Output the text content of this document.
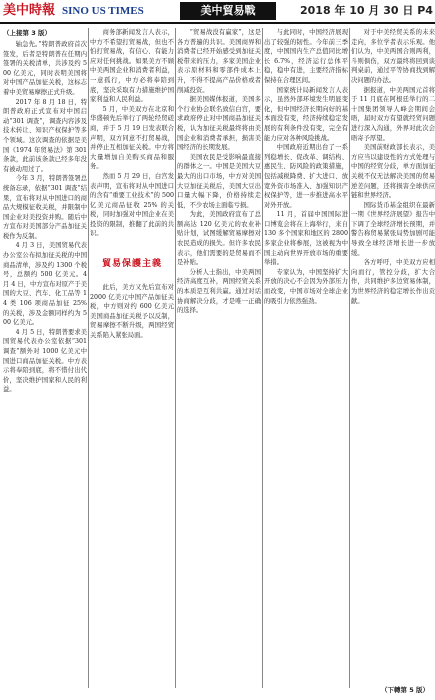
美中時報 SINO US TIMES	美中貿易戰	2018 年 10 月 30 日 P4
（上接第 3 版）

轴急先。”特朗普政府首次签发，后者是特朗普在任期内签署的关税清单，共涉及约 500 亿美元，同时表明美国将对中国产品加征关税，这标志着中美贸易摩擦正式升级。

2017 年 8 月 18 日，特朗普政府正式宣布对中国启动“301 调查”，调查内容涉及技术转让、知识产权保护等多个领域。这次调查的依据是美国《1974 年贸易法》第 301 条款，此前该条款已经多年没有被动用过了。

今年 3 月，特朗普签署总统备忘录，依据“301 调查”结果，宣布将对从中国进口的商品大规模征收关税，并限制中国企业对美投资并购。随后中方宣布对美国部分产品加征关税作为反制。

4 月 3 日，美国贸易代表办公室公布拟加征关税的中国商品清单，涉及约 1300 个税号，总额约 500 亿美元。4 月 4 日，中方宣布对原产于美国的大豆、汽车、化工品等 14 类 106 项商品加征 25% 的关税，涉及金额同样约为 500 亿美元。

4 月 5 日，特朗普要求美国贸易代表办公室依据“301 调查”额外对 1000 亿美元中国进口商品加征关税。中方表示将奉陪到底，将不惜付出代价，坚决维护国家和人民的利益。

商务部新闻发言人表示，中方不希望打贸易战，但也不怕打贸易战，有信心、有能力应对任何挑战。如果美方不顾中美两国企业和消费者利益，一意孤行，中方必将奉陪到底，坚决采取有力措施维护国家利益和人民利益。

5 月，中美双方在北京和华盛顿先后举行了两轮经贸磋商，并于 5 月 19 日发表联合声明，双方同意不打贸易战，并停止互相加征关税。中方将大量增加自美购买商品和服务。

然而 5 月 29 日，白宫发表声明，宣布将对从中国进口的含有“重要工业技术”的 500 亿美元商品征收 25% 的关税，同时加强对中国企业在美投资的限制，推翻了此前的共识。

貿易保護主義

此后，美方又先后宣布对 2000 亿美元中国产品加征关税，中方则对约 600 亿美元美国商品加征关税予以反制，贸易摩擦不断升级，两国经贸关系陷入紧张局面。

“贸易战没有赢家”，这是各方普遍的共识。美国商界和消费者已经开始感受到加征关税带来的压力，多家美国企业表示原材料和零部件成本上升，不得不提高产品价格或者削减投资。

据美国媒体报道，美国多个行业协会联名致信白宫，要求政府停止对中国商品加征关税，认为加征关税最终将由美国企业和消费者承担，损害美国经济的长期发展。

美国农民是受影响最直接的群体之一。中国是美国大豆最大的出口市场，中方对美国大豆加征关税后，美国大豆出口量大幅下降，价格持续走低，不少农场主面临亏损。

为此，美国政府宣布了总额高达 120 亿美元的农业补贴计划，试图缓解贸易摩擦对农民造成的损失。但许多农民表示，他们需要的是贸易而不是补贴。

分析人士指出，中美两国经济高度互补，两国经贸关系的本质是互利共赢。通过对话协商解决分歧，才是唯一正确的选择。

与此同时，中国经济展现出了较强的韧性。今年前三季度，中国国内生产总值同比增长 6.7%，经济运行总体平稳，稳中有进，主要经济指标保持在合理区间。

国家统计局新闻发言人表示，虽然外部环境发生明显变化，但中国经济长期向好的基本面没有变，经济持续稳定发展的有利条件没有变，完全有能力应对各种风险挑战。

中国政府近期出台了一系列稳增长、促改革、调结构、惠民生、防风险的政策措施，包括减税降费、扩大进口、放宽外资市场准入、加强知识产权保护等，进一步推进高水平对外开放。

11 月，首届中国国际进口博览会将在上海举行，来自 130 多个国家和地区的 2800 多家企业将参展，这被视为中国主动向世界开放市场的重要举措。

专家认为，中国坚持扩大开放的决心不会因为外部压力而改变，中国市场对全球企业的吸引力依然强劲。

对于中美经贸关系的未来走向，多位学者表示乐观。他们认为，中美两国合则两利，斗则俱伤，双方最终将回到谈判桌前，通过平等协商找到解决问题的办法。

据报道，中美两国元首将于 11 月底在阿根廷举行的二十国集团领导人峰会期间会晤，届时双方有望就经贸问题进行深入沟通，外界对此次会晤寄予厚望。

美国前财政部长表示，美方应当以建设性的方式处理与中国的经贸分歧，单方面加征关税不仅无法解决美国的贸易逆差问题，还将损害全球供应链和世界经济。

国际货币基金组织在最新一期《世界经济展望》报告中下调了全球经济增长预期，并警告称贸易紧张局势加剧可能导致全球经济增长进一步放缓。

各方呼吁，中美双方应相向而行，管控分歧，扩大合作，共同维护多边贸易体制，为世界经济的稳定增长作出贡献。

（下轉第 5 版）
